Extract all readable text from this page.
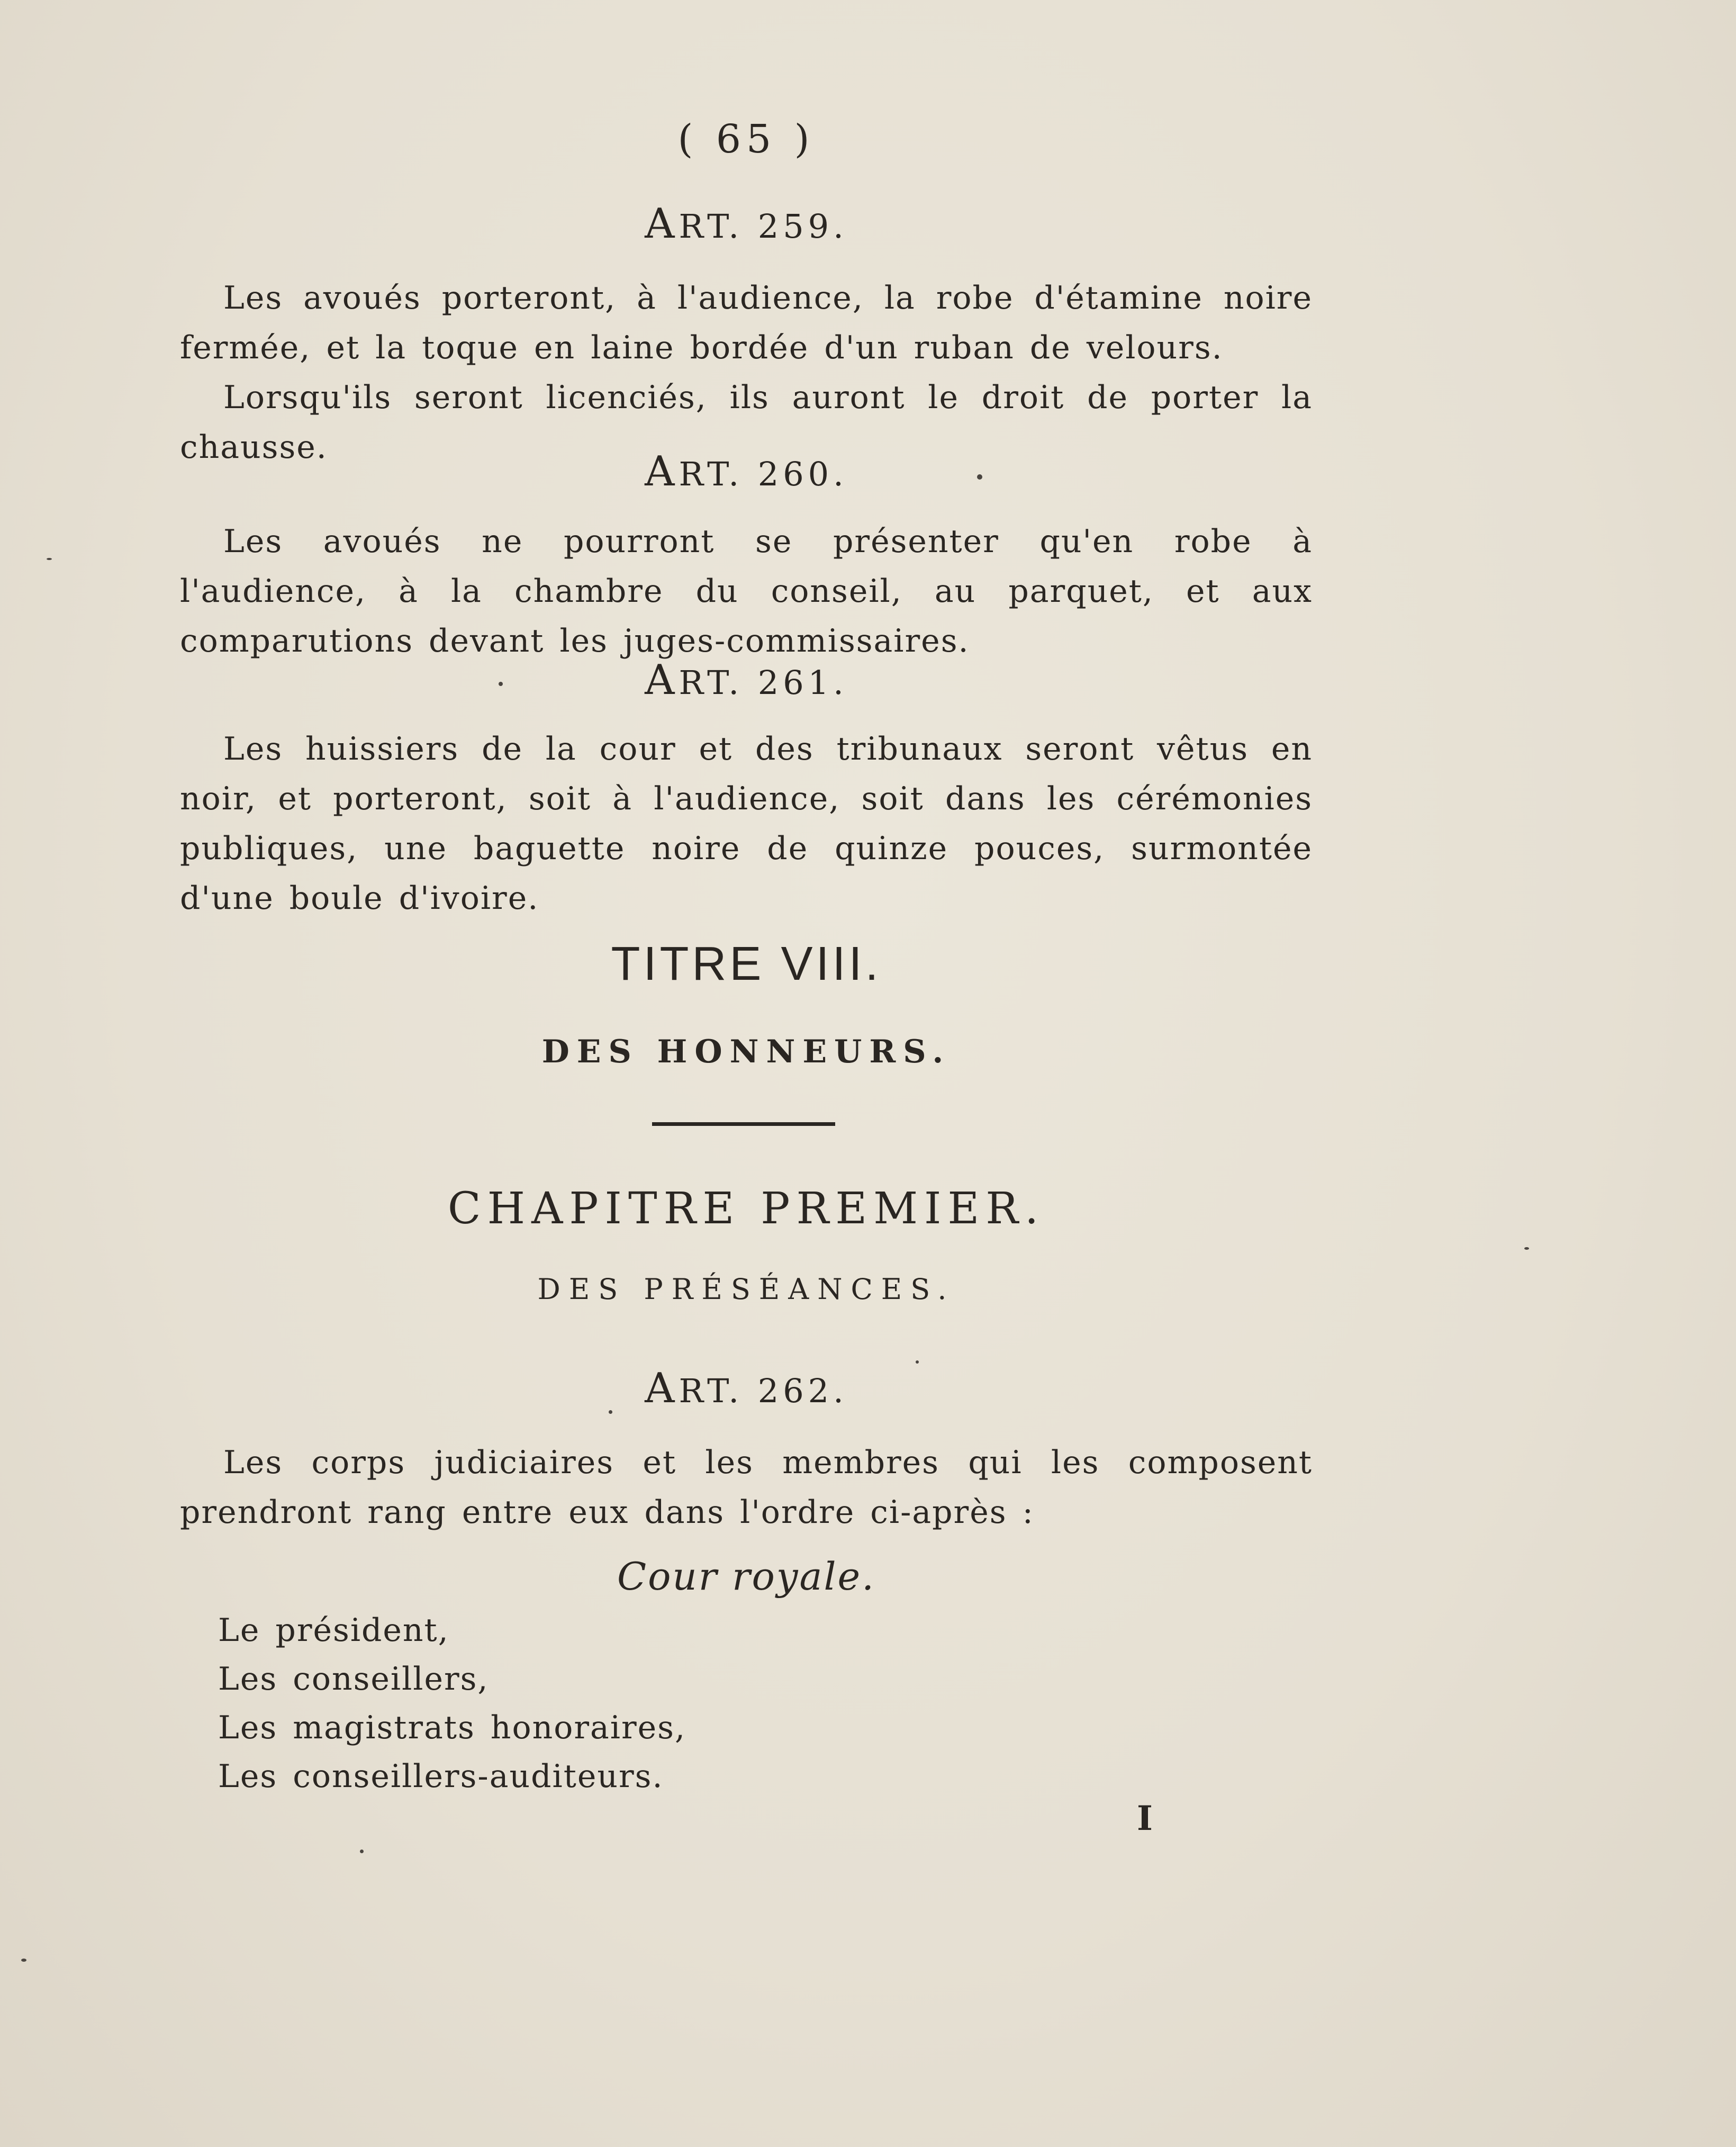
( 65 )
ART. 259.

Les avoués porteront, à l'audience, la robe d'étamine noire fermée, et la toque en laine bordée d'un ruban de velours.

Lorsqu'ils seront licenciés, ils auront le droit de porter la chausse.

ART. 260.

Les avoués ne pourront se présenter qu'en robe à l'audience, à la chambre du conseil, au parquet, et aux comparutions devant les juges-commissaires.

ART. 261.

Les huissiers de la cour et des tribunaux seront vêtus en noir, et porteront, soit à l'audience, soit dans les cérémonies publiques, une baguette noire de quinze pouces, surmontée d'une boule d'ivoire.

TITRE VIII.
DES HONNEURS.
CHAPITRE PREMIER.
DES PRÉSÉANCES.
ART. 262.

Les corps judiciaires et les membres qui les composent prendront rang entre eux dans l'ordre ci-après :

Cour royale.
Le président,
Les conseillers,
Les magistrats honoraires,
Les conseillers-auditeurs.
I
